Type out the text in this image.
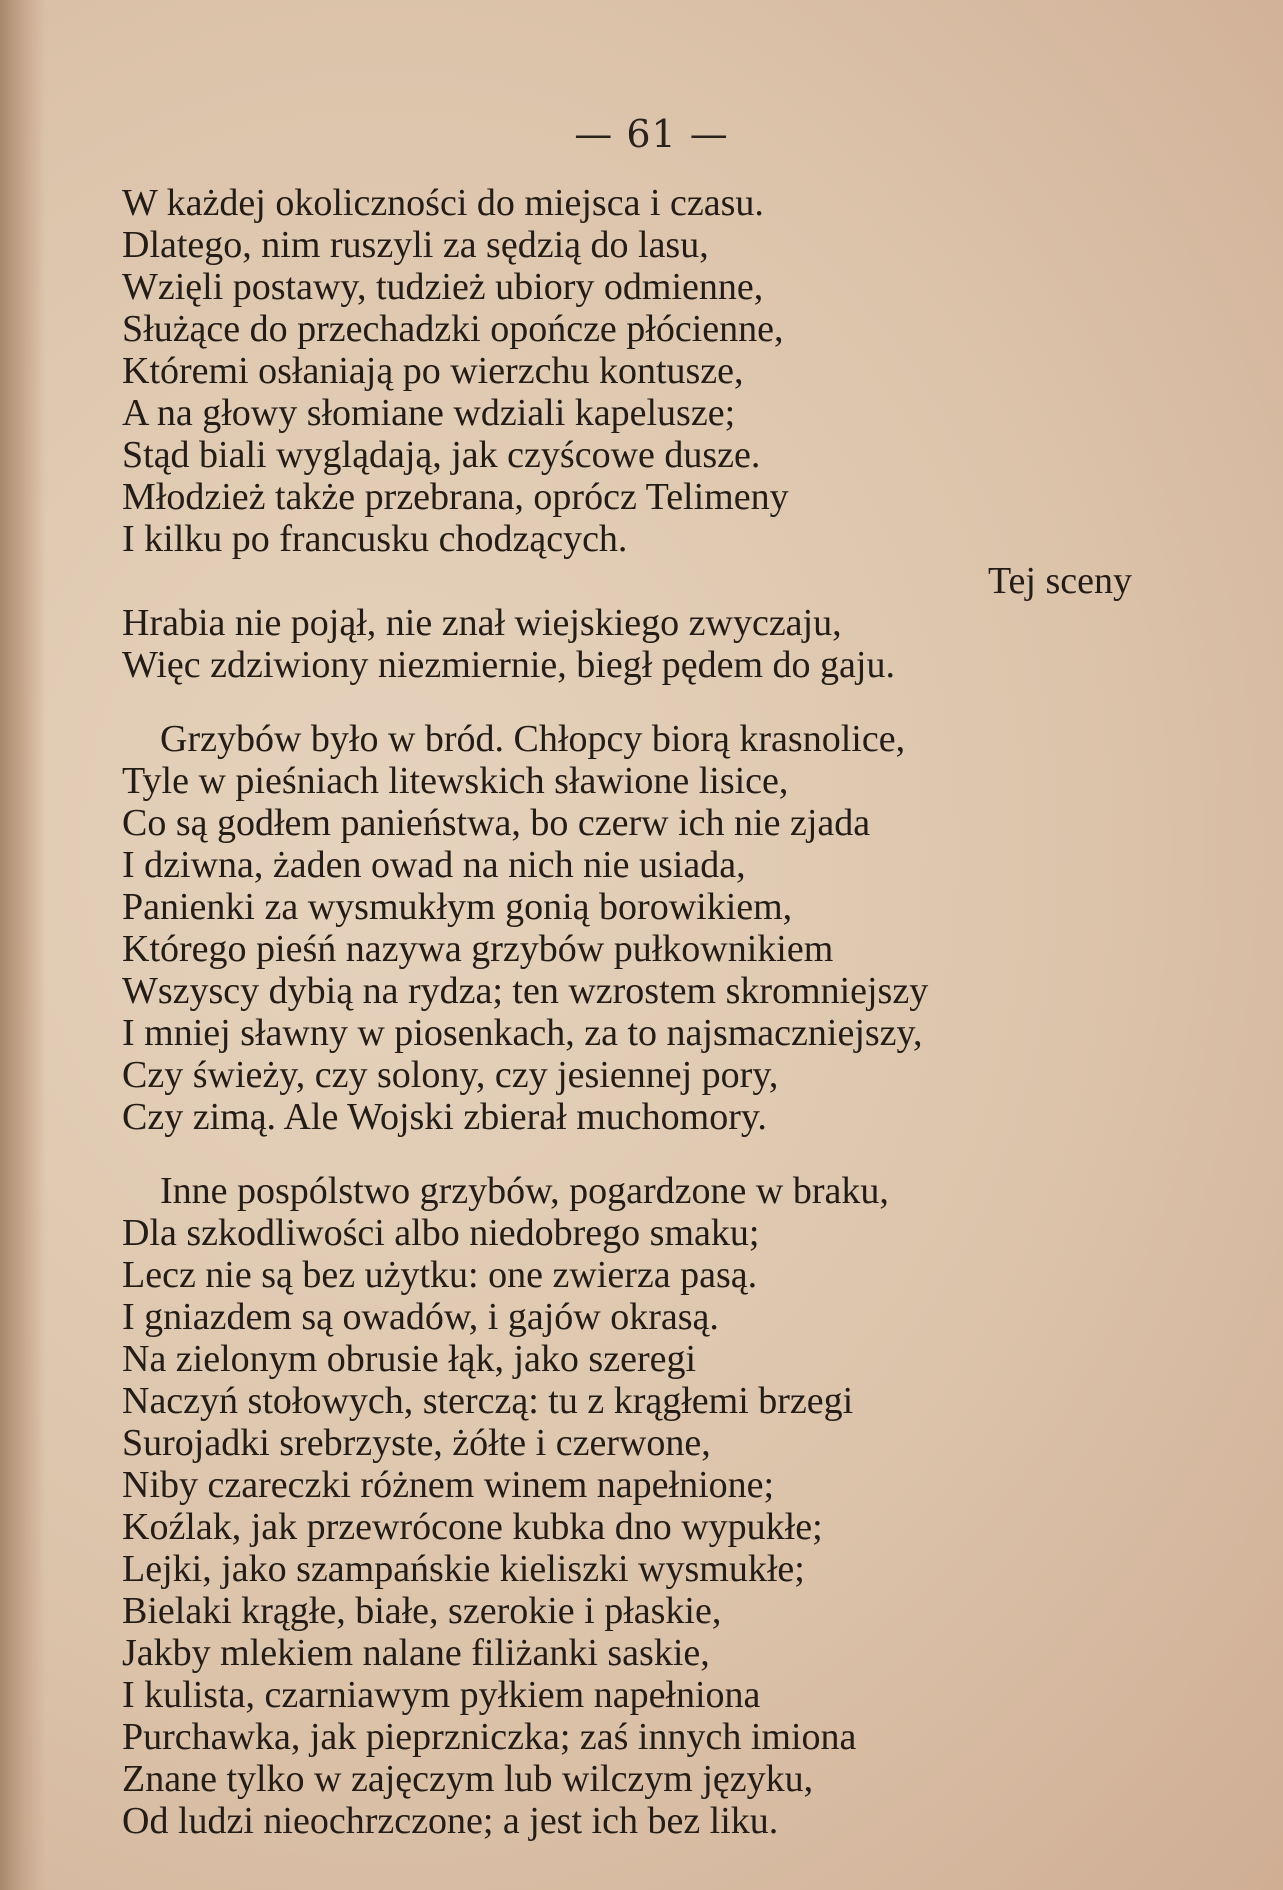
— 61 —
W każdej okoliczności do miejsca i czasu.
Dlatego, nim ruszyli za sędzią do lasu,
Wzięli postawy, tudzież ubiory odmienne,
Służące do przechadzki opończe płócienne,
Któremi osłaniają po wierzchu kontusze,
A na głowy słomiane wdziali kapelusze;
Stąd biali wyglądają, jak czyścowe dusze.
Młodzież także przebrana, oprócz Telimeny
I kilku po francusku chodzących.
Tej sceny
Hrabia nie pojął, nie znał wiejskiego zwyczaju,
Więc zdziwiony niezmiernie, biegł pędem do gaju.
Grzybów było w bród. Chłopcy biorą krasnolice,
Tyle w pieśniach litewskich sławione lisice,
Co są godłem panieństwa, bo czerw ich nie zjada
I dziwna, żaden owad na nich nie usiada,
Panienki za wysmukłym gonią borowikiem,
Którego pieśń nazywa grzybów pułkownikiem
Wszyscy dybią na rydza; ten wzrostem skromniejszy
I mniej sławny w piosenkach, za to najsmaczniejszy,
Czy świeży, czy solony, czy jesiennej pory,
Czy zimą. Ale Wojski zbierał muchomory.
Inne pospólstwo grzybów, pogardzone w braku,
Dla szkodliwości albo niedobrego smaku;
Lecz nie są bez użytku: one zwierza pasą.
I gniazdem są owadów, i gajów okrasą.
Na zielonym obrusie łąk, jako szeregi
Naczyń stołowych, sterczą: tu z krągłemi brzegi
Surojadki srebrzyste, żółte i czerwone,
Niby czareczki różnem winem napełnione;
Koźlak, jak przewrócone kubka dno wypukłe;
Lejki, jako szampańskie kieliszki wysmukłe;
Bielaki krągłe, białe, szerokie i płaskie,
Jakby mlekiem nalane filiżanki saskie,
I kulista, czarniawym pyłkiem napełniona
Purchawka, jak pieprzniczka; zaś innych imiona
Znane tylko w zajęczym lub wilczym języku,
Od ludzi nieochrzczone; a jest ich bez liku.
